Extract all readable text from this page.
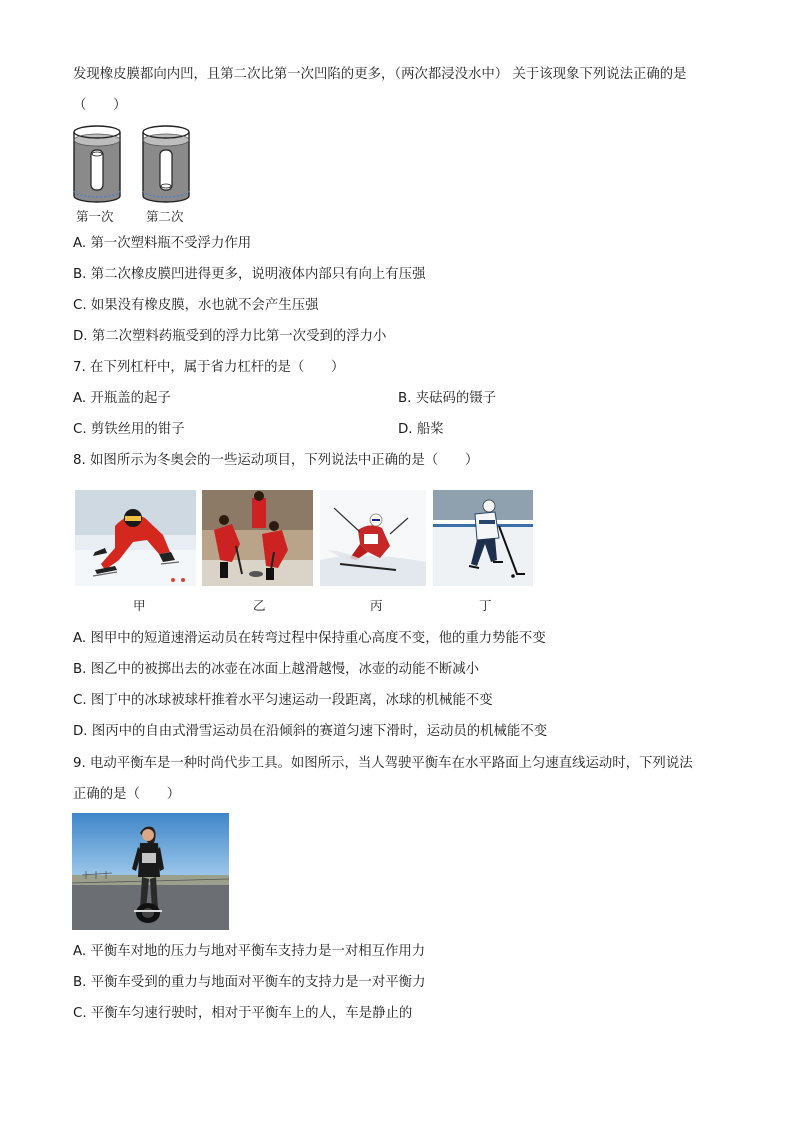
发现橡皮膜都向内凹，且第二次比第一次凹陷的更多，（两次都浸没水中） 关于该现象下列说法正确的是
（　　）
第一次	第二次
A. 第一次塑料瓶不受浮力作用
B. 第二次橡皮膜凹进得更多，说明液体内部只有向上有压强
C. 如果没有橡皮膜，水也就不会产生压强
D. 第二次塑料药瓶受到的浮力比第一次受到的浮力小
7. 在下列杠杆中，属于省力杠杆的是（　　）
A. 开瓶盖的起子	B. 夹砝码的镊子
C. 剪铁丝用的钳子	D. 船桨
8. 如图所示为冬奥会的一些运动项目，下列说法中正确的是（　　）
甲	乙	丙	丁
A. 图甲中的短道速滑运动员在转弯过程中保持重心高度不变，他的重力势能不变
B. 图乙中的被掷出去的冰壶在冰面上越滑越慢，冰壶的动能不断减小
C. 图丁中的冰球被球杆推着水平匀速运动一段距离，冰球的机械能不变
D. 图丙中的自由式滑雪运动员在沿倾斜的赛道匀速下滑时，运动员的机械能不变
9. 电动平衡车是一种时尚代步工具。如图所示，当人驾驶平衡车在水平路面上匀速直线运动时，下列说法
正确的是（　　）
A. 平衡车对地的压力与地对平衡车支持力是一对相互作用力
B. 平衡车受到的重力与地面对平衡车的支持力是一对平衡力
C. 平衡车匀速行驶时，相对于平衡车上的人，车是静止的
